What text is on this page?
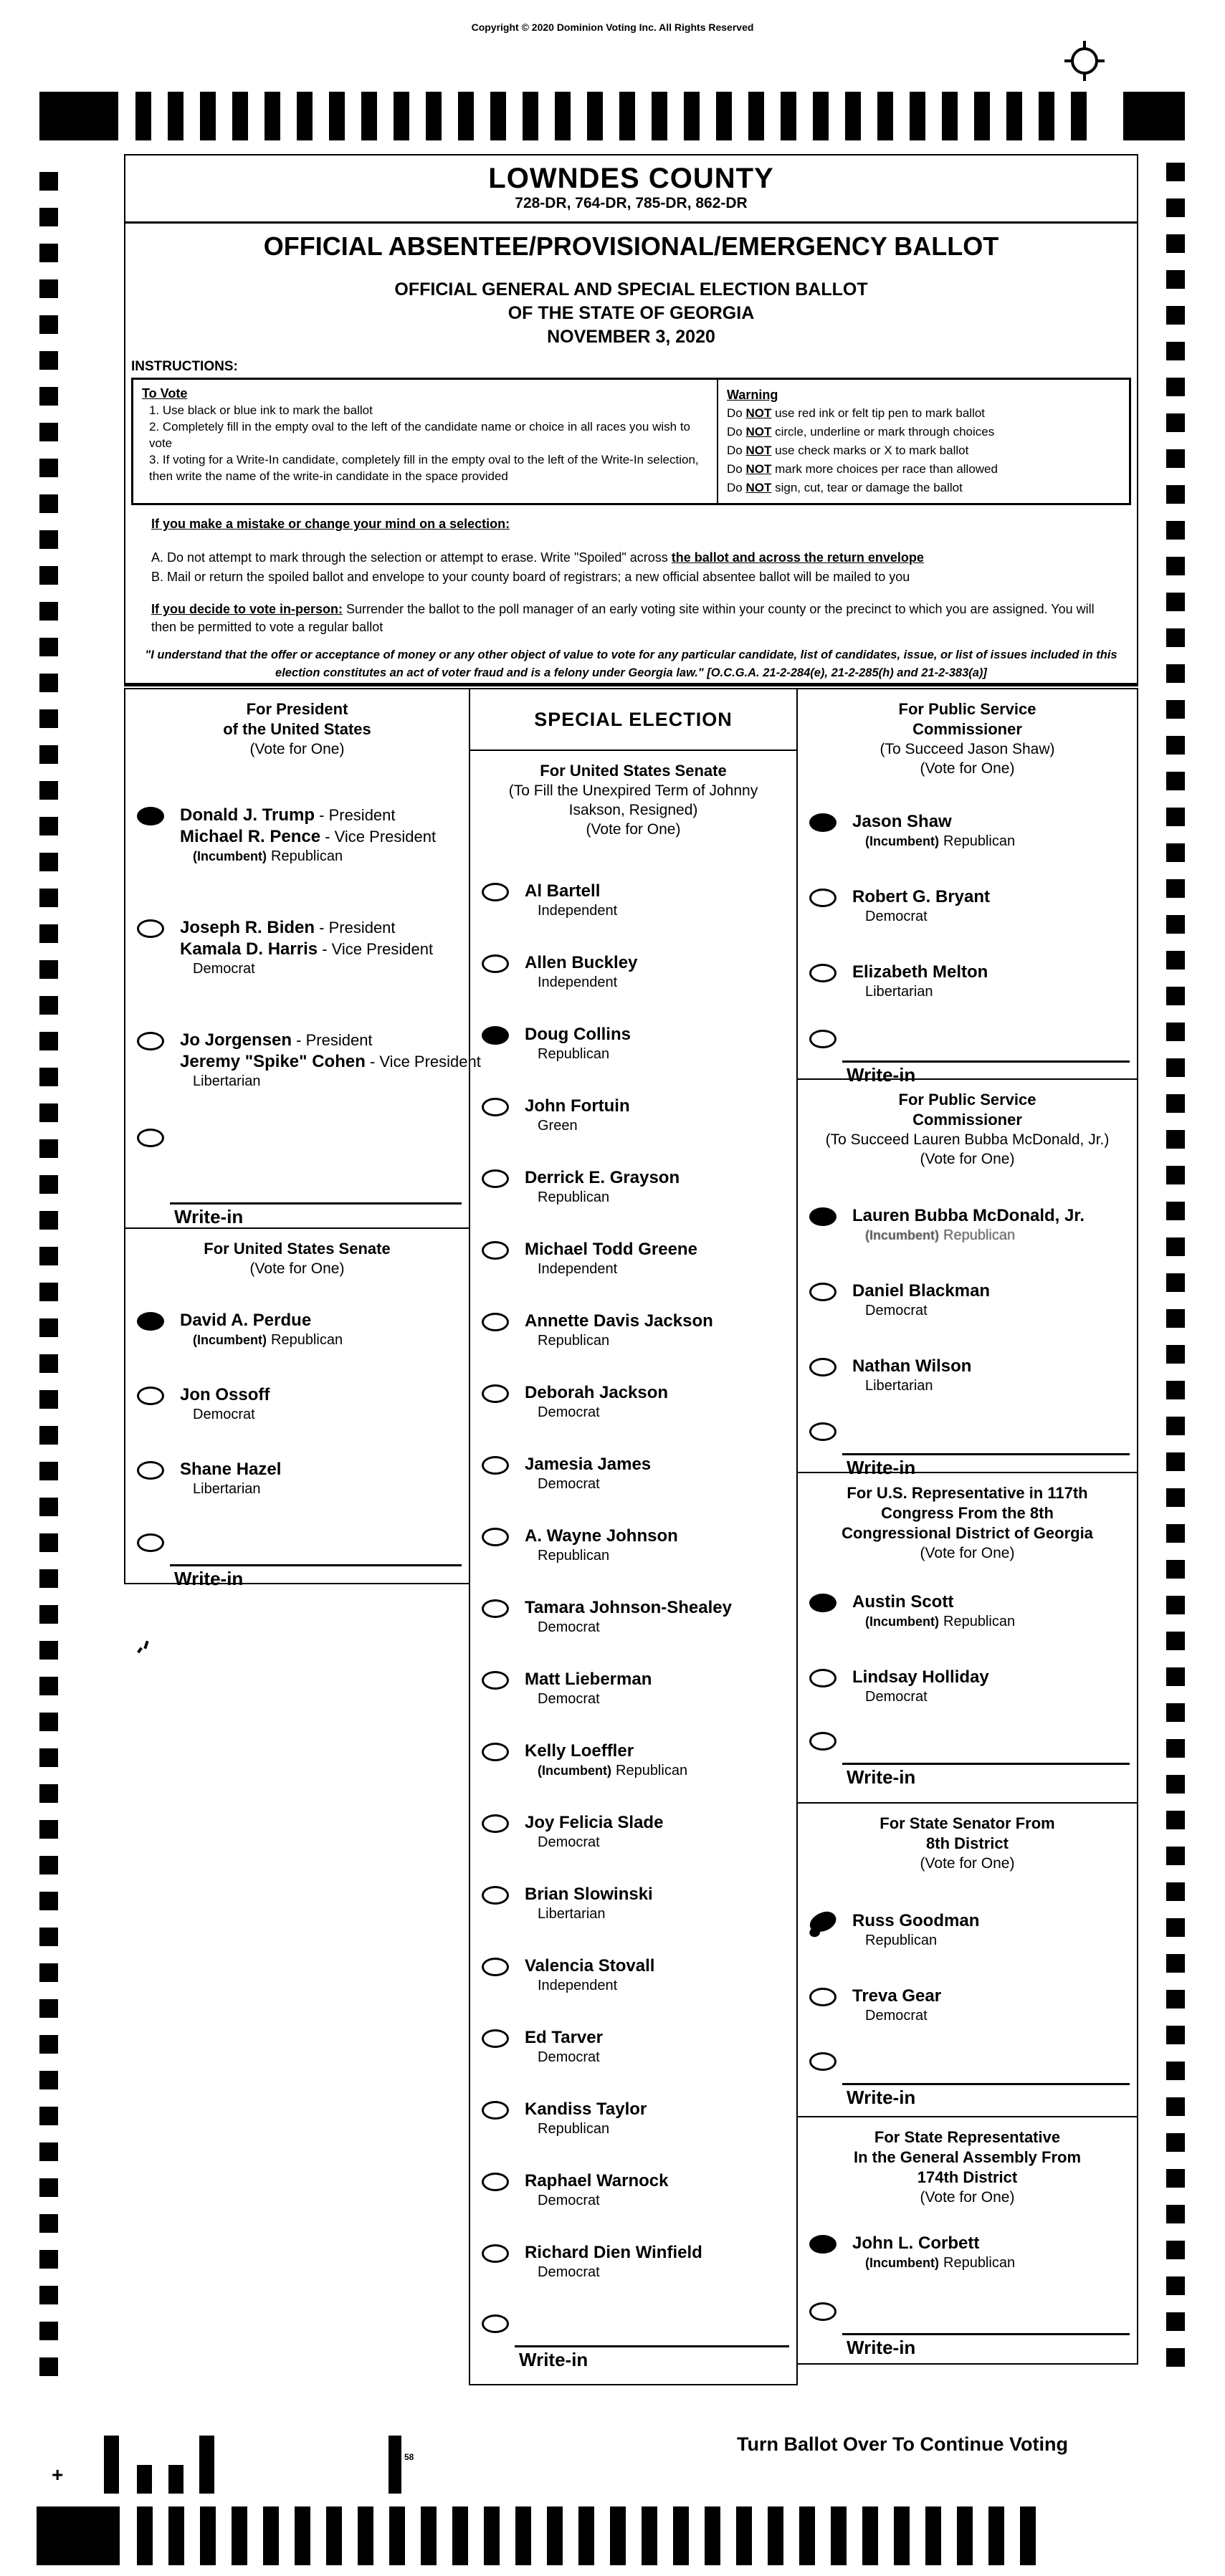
Copyright © 2020 Dominion Voting Inc. All Rights Reserved
LOWNDES COUNTY
728-DR, 764-DR, 785-DR, 862-DR
OFFICIAL ABSENTEE/PROVISIONAL/EMERGENCY BALLOT
OFFICIAL GENERAL AND SPECIAL ELECTION BALLOT
OF THE STATE OF GEORGIA
NOVEMBER 3, 2020
INSTRUCTIONS:
To Vote
1. Use black or blue ink to mark the ballot
2. Completely fill in the empty oval to the left of the candidate name or choice in all races you wish to vote
3. If voting for a Write-In candidate, completely fill in the empty oval to the left of the Write-In selection, then write the name of the write-in candidate in the space provided
Warning
Do NOT use red ink or felt tip pen to mark ballot
Do NOT circle, underline or mark through choices
Do NOT use check marks or X to mark ballot
Do NOT mark more choices per race than allowed
Do NOT sign, cut, tear or damage the ballot
If you make a mistake or change your mind on a selection:
A. Do not attempt to mark through the selection or attempt to erase. Write "Spoiled" across the ballot and across the return envelope
B. Mail or return the spoiled ballot and envelope to your county board of registrars; a new official absentee ballot will be mailed to you
If you decide to vote in-person: Surrender the ballot to the poll manager of an early voting site within your county or the precinct to which you are assigned. You will then be permitted to vote a regular ballot
"I understand that the offer or acceptance of money or any other object of value to vote for any particular candidate, list of candidates, issue, or list of issues included in this
election constitutes an act of voter fraud and is a felony under Georgia law." [O.C.G.A. 21-2-284(e), 21-2-285(h) and 21-2-383(a)]
For President
of the United States
(Vote for One)
Donald J. Trump - President
Michael R. Pence - Vice President
(Incumbent) Republican
Joseph R. Biden - President
Kamala D. Harris - Vice President
Democrat
Jo Jorgensen - President
Jeremy "Spike" Cohen - Vice President
Libertarian
Write-in
For United States Senate
(Vote for One)
David A. Perdue
(Incumbent) Republican
Jon Ossoff
Democrat
Shane Hazel
Libertarian
Write-in
SPECIAL ELECTION
For United States Senate
(To Fill the Unexpired Term of Johnny
Isakson, Resigned)
(Vote for One)
Al Bartell
Independent
Allen Buckley
Independent
Doug Collins
Republican
John Fortuin
Green
Derrick E. Grayson
Republican
Michael Todd Greene
Independent
Annette Davis Jackson
Republican
Deborah Jackson
Democrat
Jamesia James
Democrat
A. Wayne Johnson
Republican
Tamara Johnson-Shealey
Democrat
Matt Lieberman
Democrat
Kelly Loeffler
(Incumbent) Republican
Joy Felicia Slade
Democrat
Brian Slowinski
Libertarian
Valencia Stovall
Independent
Ed Tarver
Democrat
Kandiss Taylor
Republican
Raphael Warnock
Democrat
Richard Dien Winfield
Democrat
Write-in
For Public Service
Commissioner
(To Succeed Jason Shaw)
(Vote for One)
Jason Shaw
(Incumbent) Republican
Robert G. Bryant
Democrat
Elizabeth Melton
Libertarian
Write-in
For Public Service
Commissioner
(To Succeed Lauren Bubba McDonald, Jr.)
(Vote for One)
Lauren Bubba McDonald, Jr.
(Incumbent) Republican
Daniel Blackman
Democrat
Nathan Wilson
Libertarian
Write-in
For U.S. Representative in 117th
Congress From the 8th
Congressional District of Georgia
(Vote for One)
Austin Scott
(Incumbent) Republican
Lindsay Holliday
Democrat
Write-in
For State Senator From
8th District
(Vote for One)
Russ Goodman
Republican
Treva Gear
Democrat
Write-in
For State Representative
In the General Assembly From
174th District
(Vote for One)
John L. Corbett
(Incumbent) Republican
Write-in
Turn Ballot Over To Continue Voting
+
58
